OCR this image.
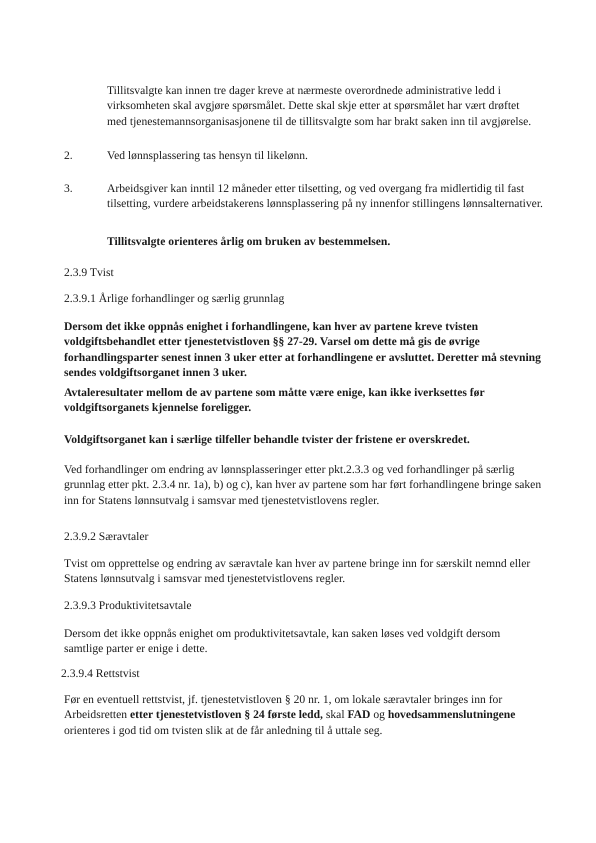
Tillitsvalgte kan innen tre dager kreve at nærmeste overordnede administrative ledd i virksomheten skal avgjøre spørsmålet. Dette skal skje etter at spørsmålet har vært drøftet med tjenestemannsorganisasjonene til de tillitsvalgte som har brakt saken inn til avgjørelse.

2.	Ved lønnsplassering tas hensyn til likelønn.

3.	Arbeidsgiver kan inntil 12 måneder etter tilsetting, og ved overgang fra midlertidig til fast tilsetting, vurdere arbeidstakerens lønnsplassering på ny innenfor stillingens lønnsalternativer.

Tillitsvalgte orienteres årlig om bruken av bestemmelsen.

2.3.9 Tvist

2.3.9.1 Årlige forhandlinger og særlig grunnlag

Dersom det ikke oppnås enighet i forhandlingene, kan hver av partene kreve tvisten voldgiftsbehandlet etter tjenestetvistloven §§ 27-29. Varsel om dette må gis de øvrige forhandlingsparter senest innen 3 uker etter at forhandlingene er avsluttet. Deretter må stevning sendes voldgiftsorganet innen 3 uker.

Avtaleresultater mellom de av partene som måtte være enige, kan ikke iverksettes før voldgiftsorganets kjennelse foreligger.

Voldgiftsorganet kan i særlige tilfeller behandle tvister der fristene er overskredet.

Ved forhandlinger om endring av lønnsplasseringer etter pkt.2.3.3 og ved forhandlinger på særlig grunnlag etter pkt. 2.3.4 nr. 1a), b) og c), kan hver av partene som har ført forhandlingene bringe saken inn for Statens lønnsutvalg i samsvar med tjenestetvistlovens regler.

2.3.9.2 Særavtaler

Tvist om opprettelse og endring av særavtale kan hver av partene bringe inn for særskilt nemnd eller Statens lønnsutvalg i samsvar med tjenestetvistlovens regler.

2.3.9.3 Produktivitetsavtale

Dersom det ikke oppnås enighet om produktivitetsavtale, kan saken løses ved voldgift dersom samtlige parter er enige i dette.

2.3.9.4 Rettstvist

Før en eventuell rettstvist, jf. tjenestetvistloven § 20 nr. 1, om lokale særavtaler bringes inn for Arbeidsretten etter tjenestetvistloven § 24 første ledd, skal FAD og hovedsammenslutningene orienteres i god tid om tvisten slik at de får anledning til å uttale seg.
